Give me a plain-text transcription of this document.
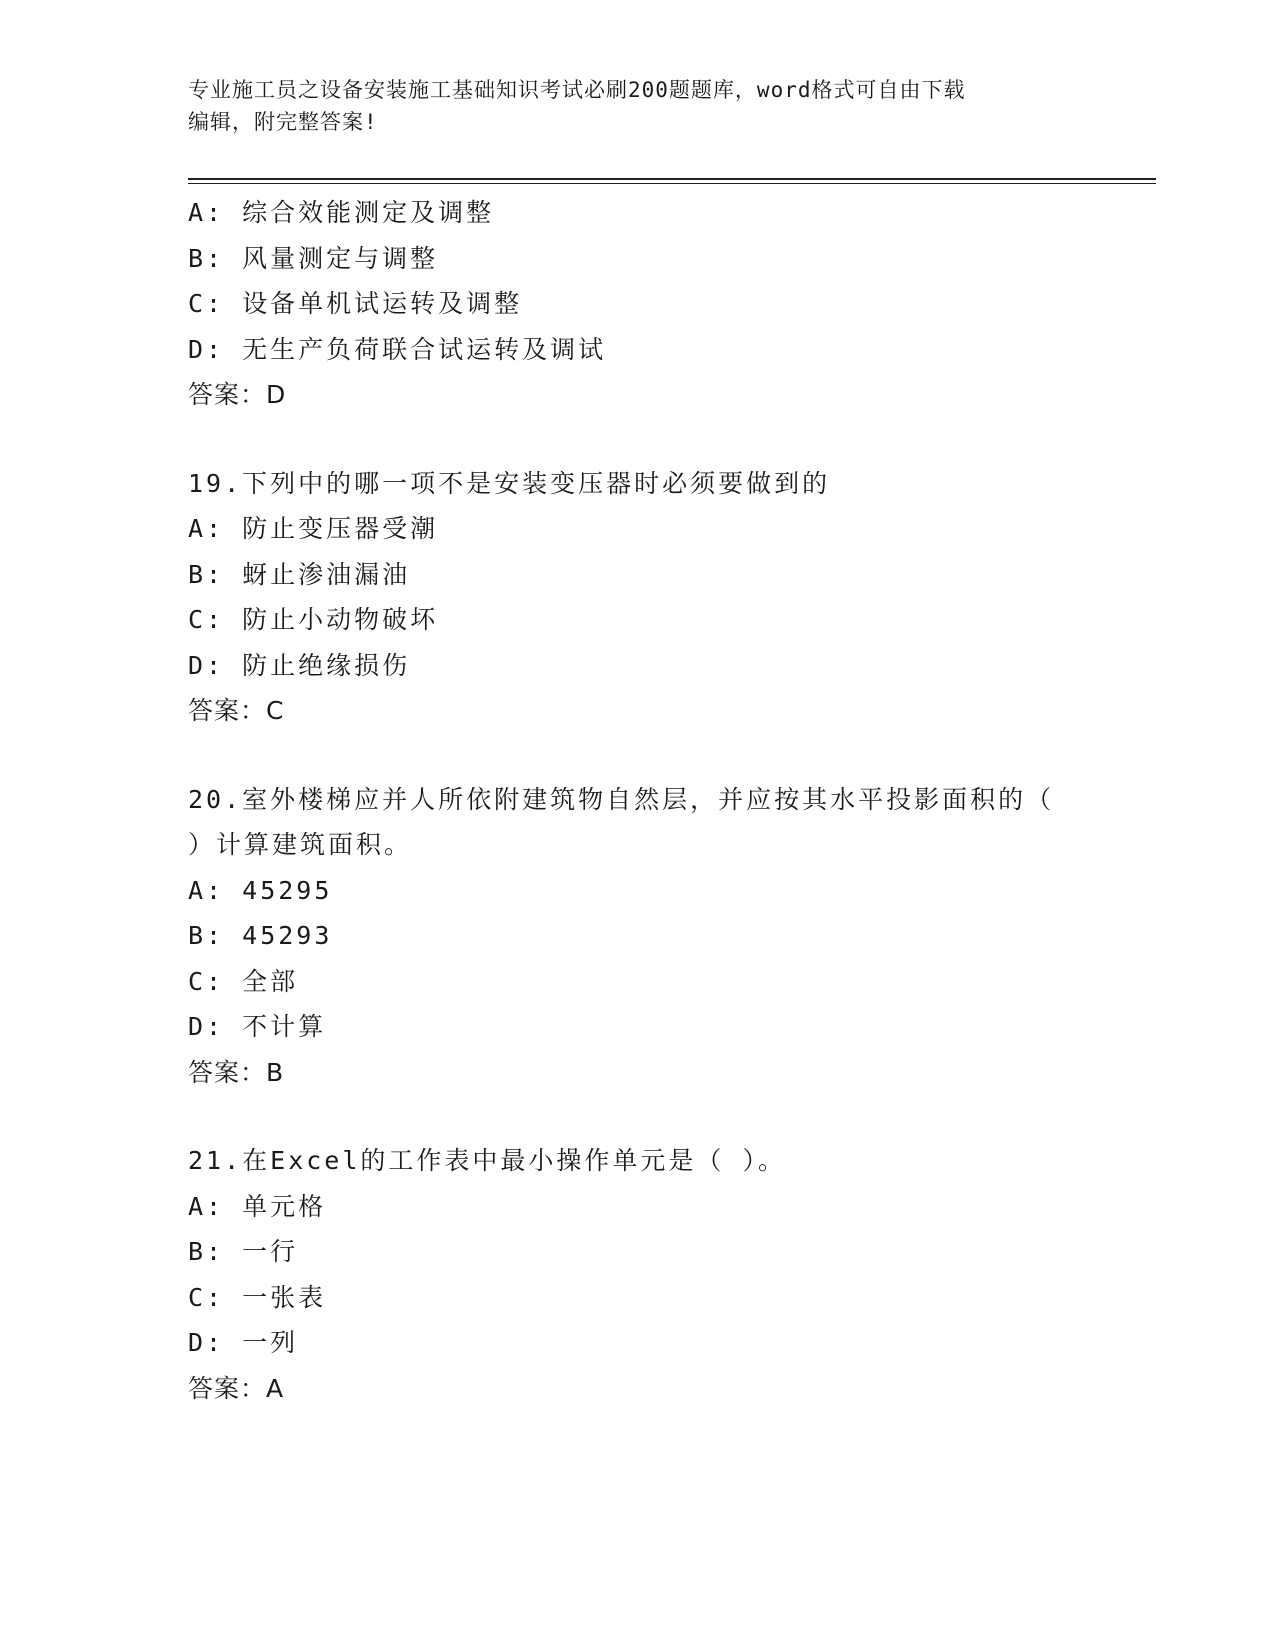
专业施工员之设备安装施工基础知识考试必刷200题题库，word格式可自由下载
编辑，附完整答案!
A: 综合效能测定及调整
B: 风量测定与调整
C: 设备单机试运转及调整
D: 无生产负荷联合试运转及调试
答案：D
19.下列中的哪一项不是安装变压器时必须要做到的
A: 防止变压器受潮
B: 蚜止渗油漏油
C: 防止小动物破坏
D: 防止绝缘损伤
答案：C
20.室外楼梯应并人所依附建筑物自然层，并应按其水平投影面积的（
）计算建筑面积。
A: 45295
B: 45293
C: 全部
D: 不计算
答案：B
21.在Excel的工作表中最小操作单元是（ ）。
A: 单元格
B: 一行
C: 一张表
D: 一列
答案：A
